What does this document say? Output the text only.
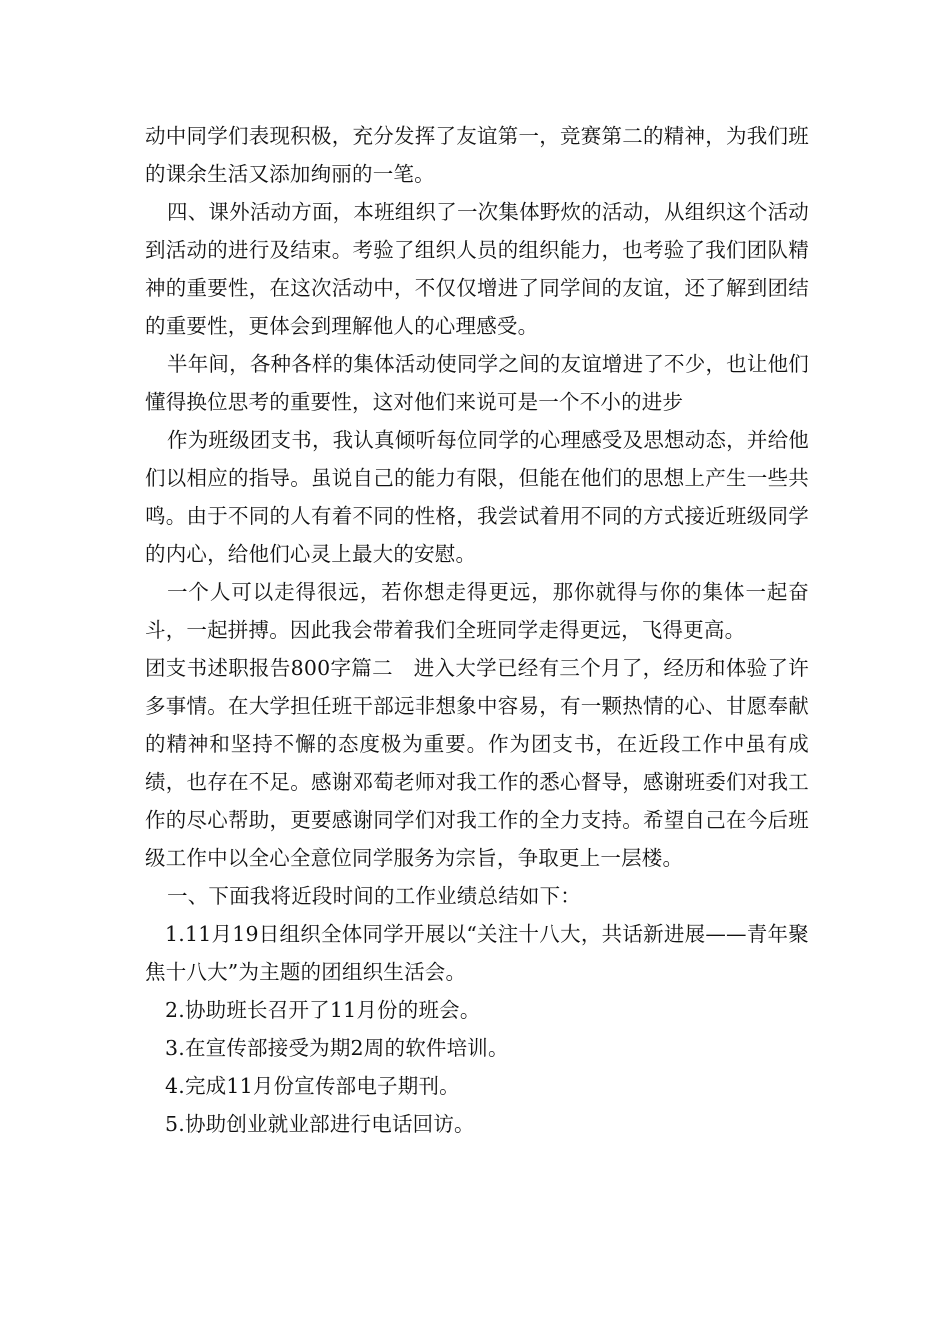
动中同学们表现积极，充分发挥了友谊第一，竞赛第二的精神，为我们班的课余生活又添加绚丽的一笔。

四、课外活动方面，本班组织了一次集体野炊的活动，从组织这个活动到活动的进行及结束。考验了组织人员的组织能力，也考验了我们团队精神的重要性，在这次活动中，不仅仅增进了同学间的友谊，还了解到团结的重要性，更体会到理解他人的心理感受。

半年间，各种各样的集体活动使同学之间的友谊增进了不少，也让他们懂得换位思考的重要性，这对他们来说可是一个不小的进步

作为班级团支书，我认真倾听每位同学的心理感受及思想动态，并给他们以相应的指导。虽说自己的能力有限，但能在他们的思想上产生一些共鸣。由于不同的人有着不同的性格，我尝试着用不同的方式接近班级同学的内心，给他们心灵上最大的安慰。

一个人可以走得很远，若你想走得更远，那你就得与你的集体一起奋斗，一起拼搏。因此我会带着我们全班同学走得更远，飞得更高。

团支书述职报告800字篇二　进入大学已经有三个月了，经历和体验了许多事情。在大学担任班干部远非想象中容易，有一颗热情的心、甘愿奉献的精神和坚持不懈的态度极为重要。作为团支书，在近段工作中虽有成绩，也存在不足。感谢邓萄老师对我工作的悉心督导，感谢班委们对我工作的尽心帮助，更要感谢同学们对我工作的全力支持。希望自己在今后班级工作中以全心全意位同学服务为宗旨，争取更上一层楼。

一、下面我将近段时间的工作业绩总结如下：

1.11月19日组织全体同学开展以“关注十八大，共话新进展——青年聚焦十八大”为主题的团组织生活会。

2.协助班长召开了11月份的班会。

3.在宣传部接受为期2周的软件培训。

4.完成11月份宣传部电子期刊。

5.协助创业就业部进行电话回访。
